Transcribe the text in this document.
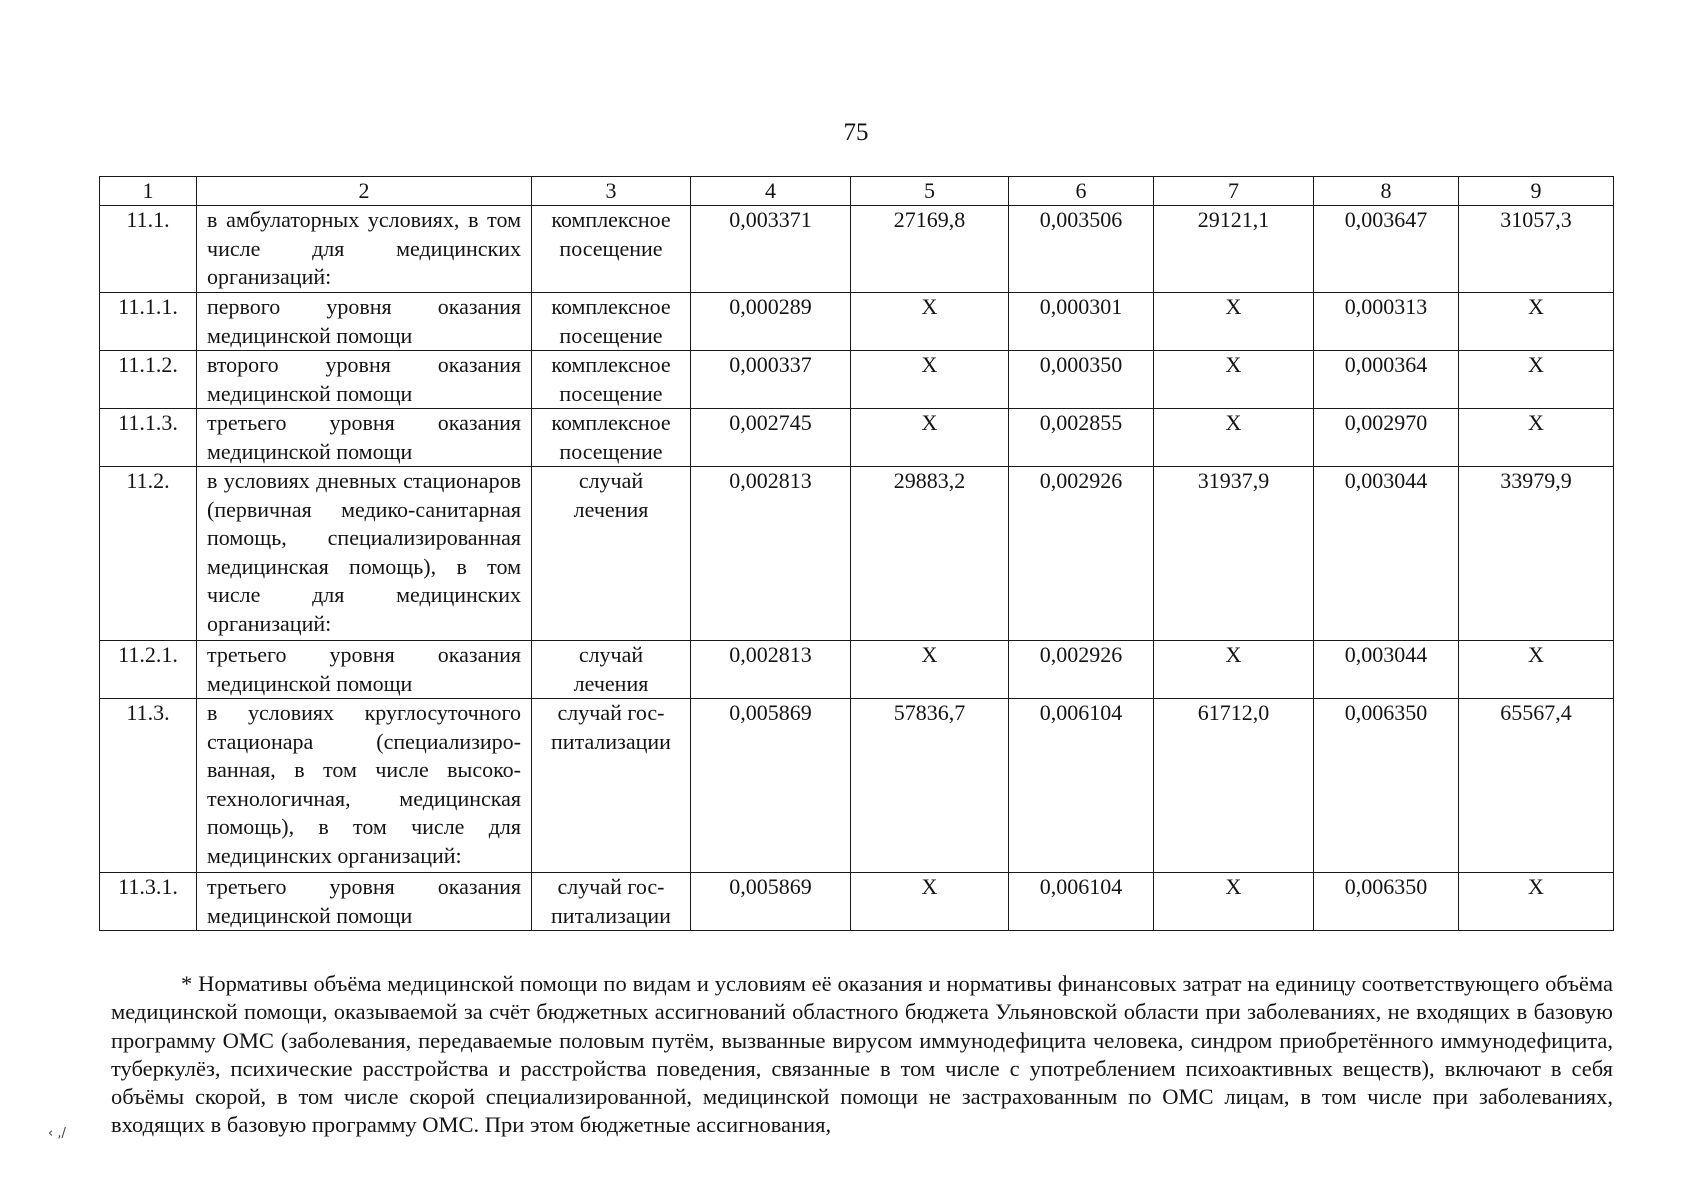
75
1	2	3	4	5	6	7	8	9
11.1.	в амбулаторных условиях, в том числе для медицинских организаций:	комплексное посещение	0,003371	27169,8	0,003506	29121,1	0,003647	31057,3
11.1.1.	первого уровня оказания медицинской помощи	комплексное посещение	0,000289	Х	0,000301	Х	0,000313	Х
11.1.2.	второго уровня оказания медицинской помощи	комплексное посещение	0,000337	Х	0,000350	Х	0,000364	Х
11.1.3.	третьего уровня оказания медицинской помощи	комплексное посещение	0,002745	Х	0,002855	Х	0,002970	Х
11.2.	в условиях дневных стационаров (первичная медико-санитарная помощь, специализированная медицинская помощь), в том числе для медицинских организаций:	случай лечения	0,002813	29883,2	0,002926	31937,9	0,003044	33979,9
11.2.1.	третьего уровня оказания медицинской помощи	случай лечения	0,002813	Х	0,002926	Х	0,003044	Х
11.3.	в условиях круглосуточного стационара (специализированная, в том числе высокотехнологичная, медицинская помощь), в том числе для медицинских организаций:	случай госпитализации	0,005869	57836,7	0,006104	61712,0	0,006350	65567,4
11.3.1.	третьего уровня оказания медицинской помощи	случай госпитализации	0,005869	Х	0,006104	Х	0,006350	Х

* Нормативы объёма медицинской помощи по видам и условиям её оказания и нормативы финансовых затрат на единицу соответствующего объёма медицинской помощи, оказываемой за счёт бюджетных ассигнований областного бюджета Ульяновской области при заболеваниях, не входящих в базовую программу ОМС (заболевания, передаваемые половым путём, вызванные вирусом иммунодефицита человека, синдром приобретённого иммунодефицита, туберкулёз, психические расстройства и расстройства поведения, связанные в том числе с употреблением психоактивных веществ), включают в себя объёмы скорой, в том числе скорой специализированной, медицинской помощи не застрахованным по ОМС лицам, в том числе при заболеваниях, входящих в базовую программу ОМС. При этом бюджетные ассигнования,

‹ ,/
